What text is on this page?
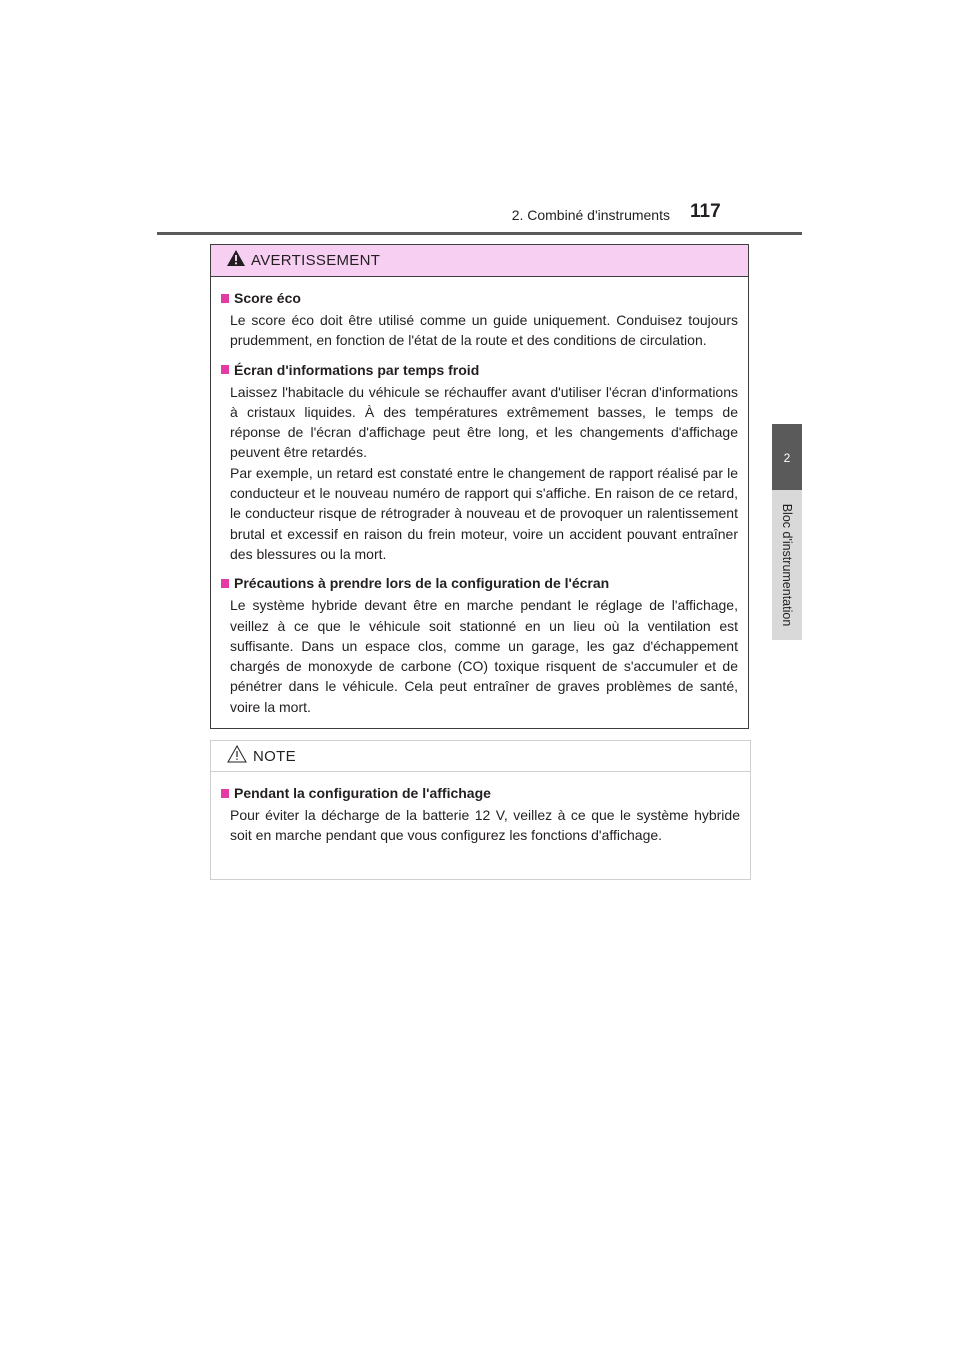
2. Combiné d'instruments 117
2
Bloc d'instrumentation
AVERTISSEMENT
Score éco

Le score éco doit être utilisé comme un guide uniquement. Conduisez toujours prudemment, en fonction de l'état de la route et des conditions de circulation.

Écran d'informations par temps froid

Laissez l'habitacle du véhicule se réchauffer avant d'utiliser l'écran d'informations à cristaux liquides. À des températures extrêmement basses, le temps de réponse de l'écran d'affichage peut être long, et les changements d'affichage peuvent être retardés.

Par exemple, un retard est constaté entre le changement de rapport réalisé par le conducteur et le nouveau numéro de rapport qui s'affiche. En raison de ce retard, le conducteur risque de rétrograder à nouveau et de provoquer un ralentissement brutal et excessif en raison du frein moteur, voire un accident pouvant entraîner des blessures ou la mort.

Précautions à prendre lors de la configuration de l'écran

Le système hybride devant être en marche pendant le réglage de l'affichage, veillez à ce que le véhicule soit stationné en un lieu où la ventilation est suffisante. Dans un espace clos, comme un garage, les gaz d'échappement chargés de monoxyde de carbone (CO) toxique risquent de s'accumuler et de pénétrer dans le véhicule. Cela peut entraîner de graves problèmes de santé, voire la mort.

NOTE
Pendant la configuration de l'affichage

Pour éviter la décharge de la batterie 12 V, veillez à ce que le système hybride soit en marche pendant que vous configurez les fonctions d'affichage.
